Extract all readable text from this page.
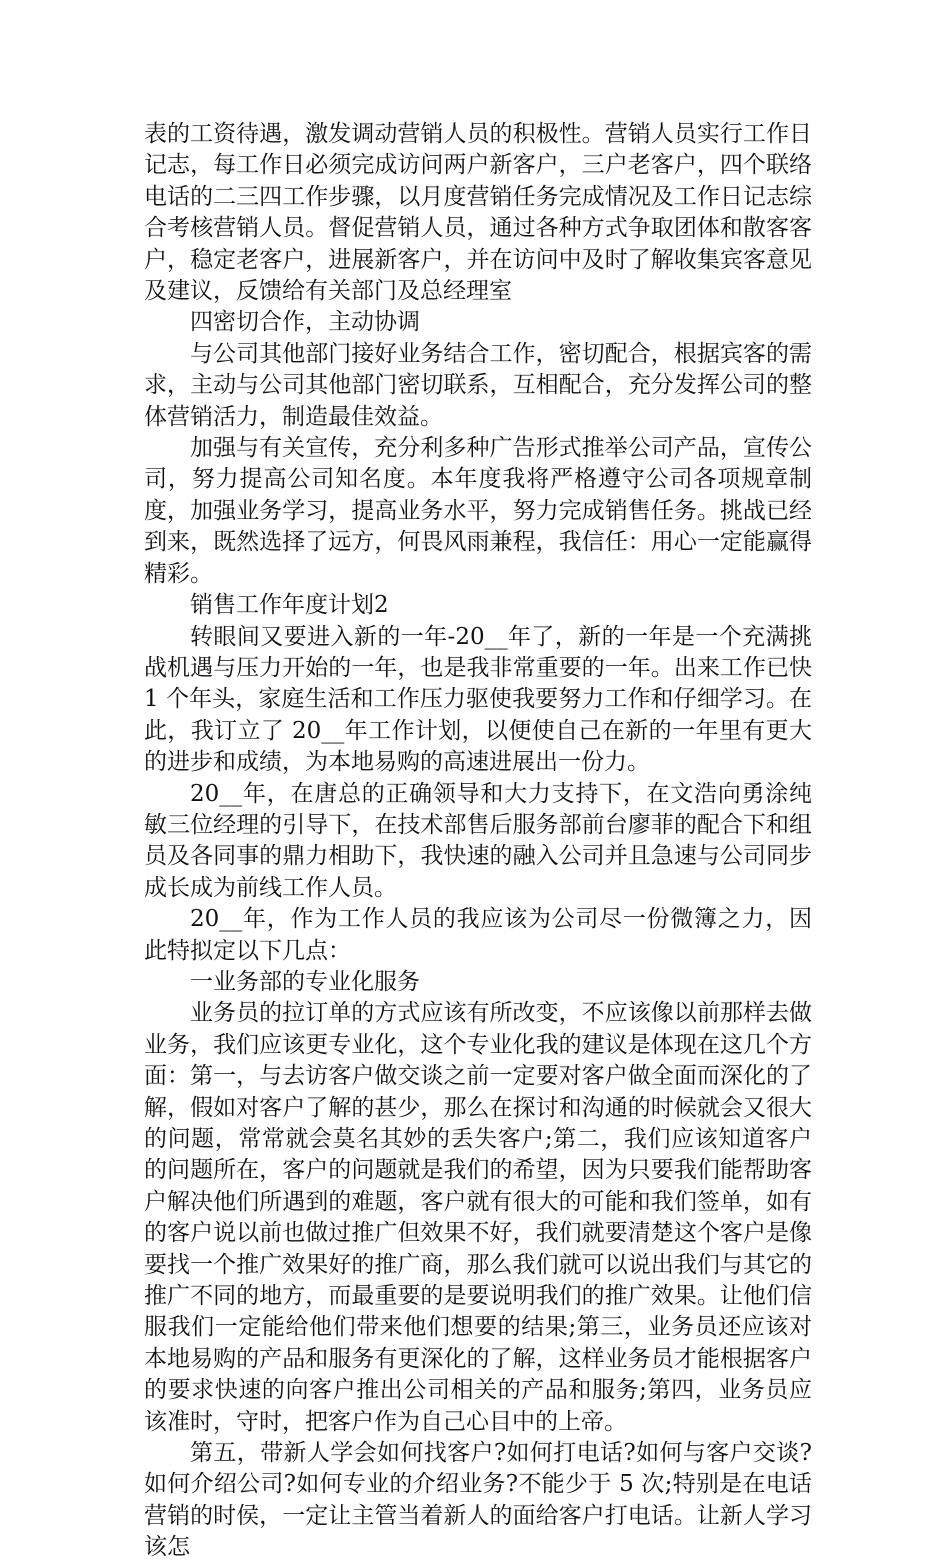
表的工资待遇，激发调动营销人员的积极性。营销人员实行工作日记志，每工作日必须完成访问两户新客户，三户老客户，四个联络电话的二三四工作步骤，以月度营销任务完成情况及工作日记志综合考核营销人员。督促营销人员，通过各种方式争取团体和散客客户，稳定老客户，进展新客户，并在访问中及时了解收集宾客意见及建议，反馈给有关部门及总经理室

四密切合作，主动协调

与公司其他部门接好业务结合工作，密切配合，根据宾客的需求，主动与公司其他部门密切联系，互相配合，充分发挥公司的整体营销活力，制造最佳效益。

加强与有关宣传，充分利多种广告形式推举公司产品，宣传公司，努力提高公司知名度。本年度我将严格遵守公司各项规章制度，加强业务学习，提高业务水平，努力完成销售任务。挑战已经到来，既然选择了远方，何畏风雨兼程，我信任：用心一定能赢得精彩。

销售工作年度计划2

转眼间又要进入新的一年-20__年了，新的一年是一个充满挑战机遇与压力开始的一年，也是我非常重要的一年。出来工作已快 1 个年头，家庭生活和工作压力驱使我要努力工作和仔细学习。在此，我订立了 20__年工作计划，以便使自己在新的一年里有更大的进步和成绩，为本地易购的高速进展出一份力。

20__年，在唐总的正确领导和大力支持下，在文浩向勇涂纯敏三位经理的引导下，在技术部售后服务部前台廖菲的配合下和组员及各同事的鼎力相助下，我快速的融入公司并且急速与公司同步成长成为前线工作人员。

20__年，作为工作人员的我应该为公司尽一份微簿之力，因此特拟定以下几点：

一业务部的专业化服务

业务员的拉订单的方式应该有所改变，不应该像以前那样去做业务，我们应该更专业化，这个专业化我的建议是体现在这几个方面：第一，与去访客户做交谈之前一定要对客户做全面而深化的了解，假如对客户了解的甚少，那么在探讨和沟通的时候就会又很大的问题，常常就会莫名其妙的丢失客户;第二，我们应该知道客户的问题所在，客户的问题就是我们的希望，因为只要我们能帮助客户解决他们所遇到的难题，客户就有很大的可能和我们签单，如有的客户说以前也做过推广但效果不好，我们就要清楚这个客户是像要找一个推广效果好的推广商，那么我们就可以说出我们与其它的推广不同的地方，而最重要的是要说明我们的推广效果。让他们信服我们一定能给他们带来他们想要的结果;第三，业务员还应该对本地易购的产品和服务有更深化的了解，这样业务员才能根据客户的要求快速的向客户推出公司相关的产品和服务;第四，业务员应该准时，守时，把客户作为自己心目中的上帝。

第五，带新人学会如何找客户?如何打电话?如何与客户交谈?如何介绍公司?如何专业的介绍业务?不能少于 5 次;特别是在电话营销的时侯，一定让主管当着新人的面给客户打电话。让新人学习该怎
